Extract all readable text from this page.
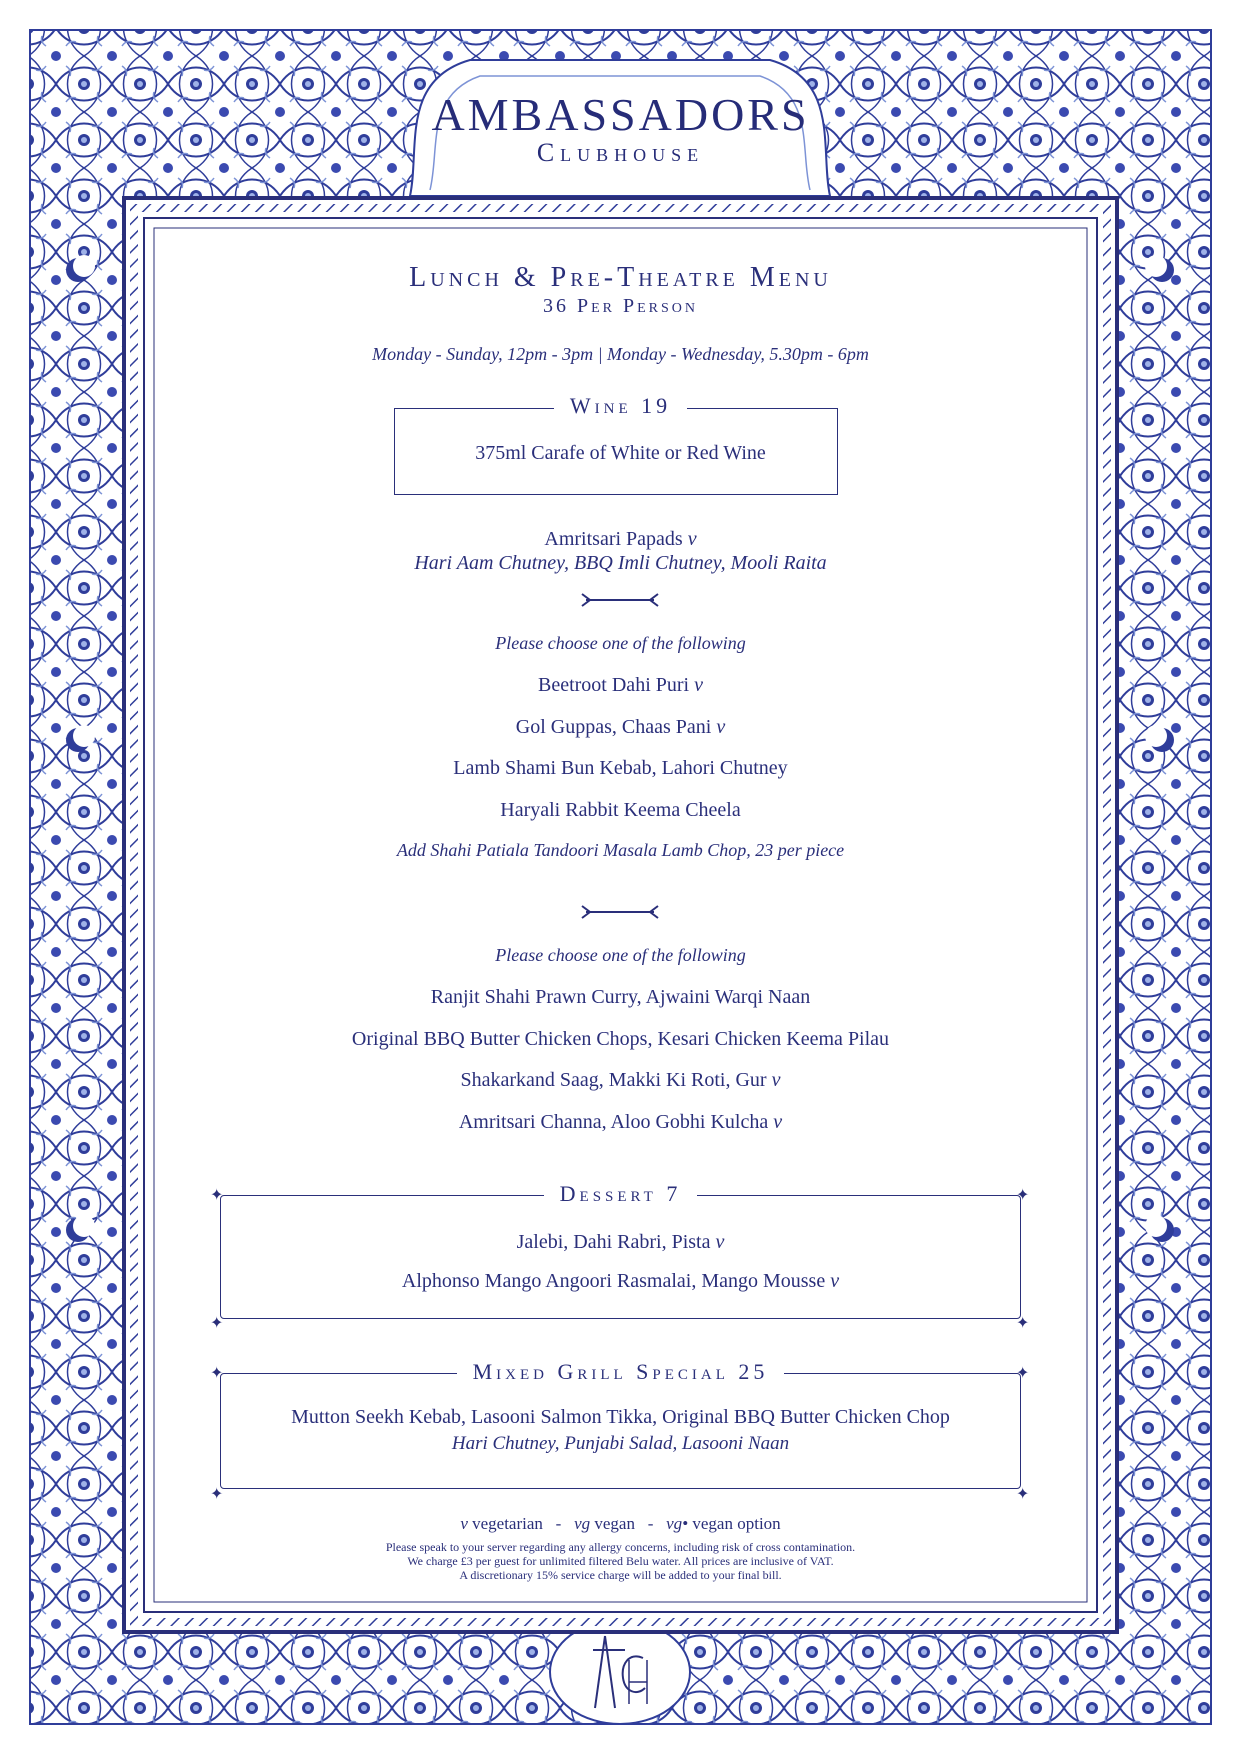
AMBASSADORS
Clubhouse
Lunch & Pre-Theatre Menu
36 Per Person
Monday - Sunday, 12pm - 3pm | Monday - Wednesday, 5.30pm - 6pm
Wine 19
375ml Carafe of White or Red Wine
Amritsari Papads v
Hari Aam Chutney, BBQ Imli Chutney, Mooli Raita
Please choose one of the following
Beetroot Dahi Puri v
Gol Guppas, Chaas Pani v
Lamb Shami Bun Kebab, Lahori Chutney
Haryali Rabbit Keema Cheela
Add Shahi Patiala Tandoori Masala Lamb Chop, 23 per piece
Please choose one of the following
Ranjit Shahi Prawn Curry, Ajwaini Warqi Naan
Original BBQ Butter Chicken Chops, Kesari Chicken Keema Pilau
Shakarkand Saag, Makki Ki Roti, Gur v
Amritsari Channa, Aloo Gobhi Kulcha v
Dessert 7
Jalebi, Dahi Rabri, Pista v
Alphonso Mango Angoori Rasmalai, Mango Mousse v
✦	✦
✦	✦
Mixed Grill Special 25
Mutton Seekh Kebab, Lasooni Salmon Tikka, Original BBQ Butter Chicken Chop
Hari Chutney, Punjabi Salad, Lasooni Naan
✦	✦
✦	✦
v vegetarian - vg vegan - vg• vegan option
Please speak to your server regarding any allergy concerns, including risk of cross contamination.
We charge £3 per guest for unlimited filtered Belu water. All prices are inclusive of VAT.
A discretionary 15% service charge will be added to your final bill.
